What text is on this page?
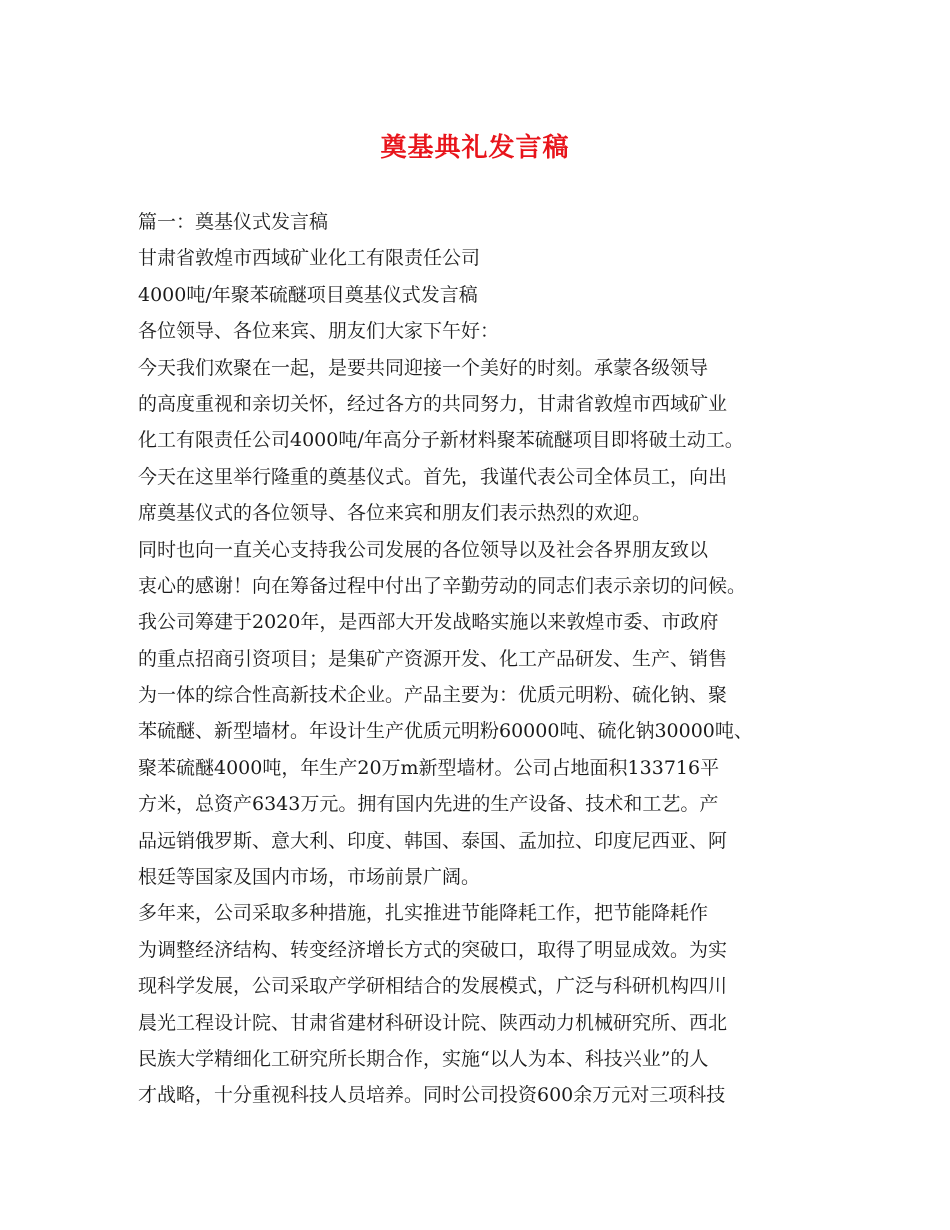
奠基典礼发言稿
篇一：奠基仪式发言稿
甘肃省敦煌市西域矿业化工有限责任公司
4000吨/年聚苯硫醚项目奠基仪式发言稿
各位领导、各位来宾、朋友们大家下午好：
今天我们欢聚在一起，是要共同迎接一个美好的时刻。承蒙各级领导
的高度重视和亲切关怀，经过各方的共同努力，甘肃省敦煌市西域矿业
化工有限责任公司4000吨/年高分子新材料聚苯硫醚项目即将破土动工。
今天在这里举行隆重的奠基仪式。首先，我谨代表公司全体员工，向出
席奠基仪式的各位领导、各位来宾和朋友们表示热烈的欢迎。
同时也向一直关心支持我公司发展的各位领导以及社会各界朋友致以
衷心的感谢！向在筹备过程中付出了辛勤劳动的同志们表示亲切的问候。
我公司筹建于2020年，是西部大开发战略实施以来敦煌市委、市政府
的重点招商引资项目；是集矿产资源开发、化工产品研发、生产、销售
为一体的综合性高新技术企业。产品主要为：优质元明粉、硫化钠、聚
苯硫醚、新型墙材。年设计生产优质元明粉60000吨、硫化钠30000吨、
聚苯硫醚4000吨，年生产20万m新型墙材。公司占地面积133716平
方米，总资产6343万元。拥有国内先进的生产设备、技术和工艺。产
品远销俄罗斯、意大利、印度、韩国、泰国、孟加拉、印度尼西亚、阿
根廷等国家及国内市场，市场前景广阔。
多年来，公司采取多种措施，扎实推进节能降耗工作，把节能降耗作
为调整经济结构、转变经济增长方式的突破口，取得了明显成效。为实
现科学发展，公司采取产学研相结合的发展模式，广泛与科研机构四川
晨光工程设计院、甘肃省建材科研设计院、陕西动力机械研究所、西北
民族大学精细化工研究所长期合作，实施“以人为本、科技兴业”的人
才战略，十分重视科技人员培养。同时公司投资600余万元对三项科技
